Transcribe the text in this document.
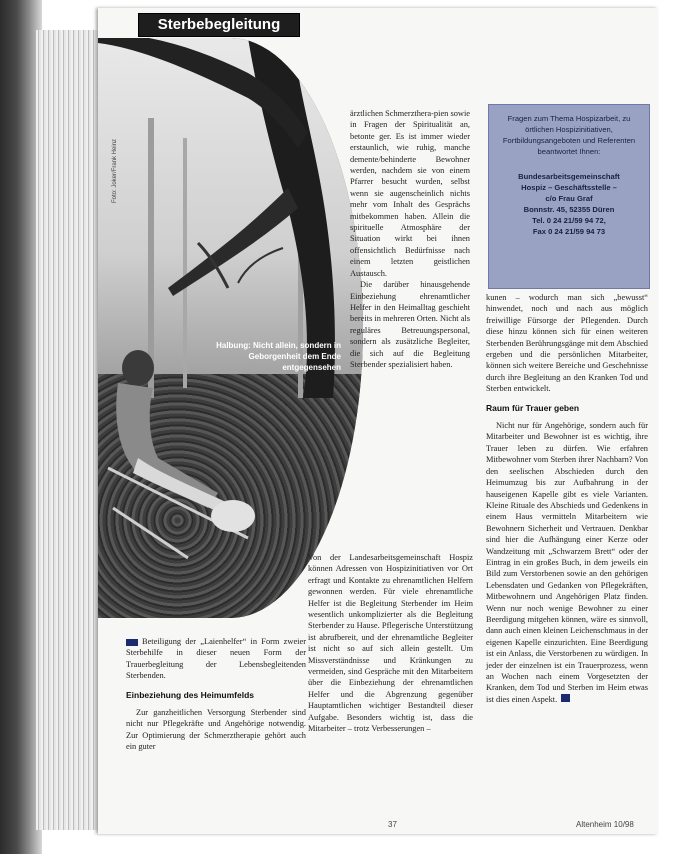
Sterbebegleitung
Foto: Joker/Frank Heinz
Halbung: Nicht allein, sondern in Geborgenheit dem Ende entgegensehen

ärztlichen Schmerzthera-pien sowie in Fragen der Spiritualität an, betonte ger. Es ist immer wieder erstaunlich, wie ruhig, manche demente/behinderte Bewohner werden, nachdem sie von einem Pfarrer besucht wurden, selbst wenn sie augenscheinlich nichts mehr vom Inhalt des Gesprächs mitbekommen haben. Allein die spirituelle Atmosphäre der Situation wirkt bei ihnen offensichtlich Bedürfnisse nach einem letzten geistlichen Austausch.

Die darüber hinausgehende Einbeziehung ehrenamtlicher Helfer in den Heimalltag geschieht bereits in mehreren Orten. Nicht als reguläres Betreuungspersonal, sondern als zusätzliche Begleiter, die sich auf die Begleitung Sterbender spezialisiert haben.

Von der Landesarbeitsgemeinschaft Hospiz können Adressen von Hospizinitiativen vor Ort erfragt und Kontakte zu ehrenamtlichen Helfern gewonnen werden. Für viele ehrenamtliche Helfer ist die Begleitung Sterbender im Heim wesentlich unkomplizierter als die Begleitung Sterbender zu Hause. Pflegerische Unterstützung ist abrufbereit, und der ehrenamtliche Begleiter ist nicht so auf sich allein gestellt. Um Missverständnisse und Kränkungen zu vermeiden, sind Gespräche mit den Mitarbeitern über die Einbeziehung der ehrenamtlichen Helfer und die Abgrenzung gegenüber Hauptamtlichen wichtiger Bestandteil dieser Aufgabe. Besonders wichtig ist, dass die Mitarbeiter – trotz Verbesserungen –

Beteiligung der „Laienhelfer“ in Form zweier Sterbehilfe in dieser neuen Form der Trauerbegleitung der Lebensbegleitenden Sterbenden.

Einbeziehung des Heimumfelds

Zur ganzheitlichen Versorgung Sterbender sind nicht nur Pflegekräfte und Angehörige notwendig. Zur Optimierung der Schmerztherapie gehört auch ein guter

Fragen zum Thema Hospizarbeit, zu örtlichen Hospizinitiativen, Fortbildungsangeboten und Referenten beantwortet Ihnen:
Bundesarbeitsgemeinschaft
Hospiz – Geschäftsstelle –
c/o Frau Graf
Bonnstr. 45, 52355 Düren
Tel. 0 24 21/59 94 72,
Fax 0 24 21/59 94 73

kunen – wodurch man sich „bewusst“ hinwendet, noch und nach aus möglich freiwillige Fürsorge der Pflegenden. Durch diese hinzu können sich für einen weiteren Sterbenden Berührungsgänge mit dem Abschied ergeben und die persönlichen Mitarbeiter, können sich weitere Bereiche und Geschehnisse durch ihre Begleitung an den Kranken Tod und Sterben entwickelt.

Raum für Trauer geben

Nicht nur für Angehörige, sondern auch für Mitarbeiter und Bewohner ist es wichtig, ihre Trauer leben zu dürfen. Wie erfahren Mitbewohner vom Sterben ihrer Nachbarn? Von den seelischen Abschieden durch den Heimumzug bis zur Aufbahrung in der hauseigenen Kapelle gibt es viele Varianten. Kleine Rituale des Abschieds und Gedenkens in einem Haus vermitteln Mitarbeitern wie Bewohnern Sicherheit und Vertrauen. Denkbar sind hier die Aufhängung einer Kerze oder Wandzeitung mit „Schwarzem Brett“ oder der Eintrag in ein großes Buch, in dem jeweils ein Bild zum Verstorbenen sowie an den gehörigen Lebensdaten und Gedanken von Pflegekräften, Mitbewohnern und Angehörigen Platz finden. Wenn nur noch wenige Bewohner zu einer Beerdigung mitgehen können, wäre es sinnvoll, dann auch einen kleinen Leichenschmaus in der eigenen Kapelle einzurichten. Eine Beerdigung ist ein Anlass, die Verstorbenen zu würdigen. In jeder der einzelnen ist ein Trauerprozess, wenn an Wochen nach einem Vorgesetzten der Kranken, dem Tod und Sterben im Heim etwas ist dies einen Aspekt.

37	Altenheim 10/98
